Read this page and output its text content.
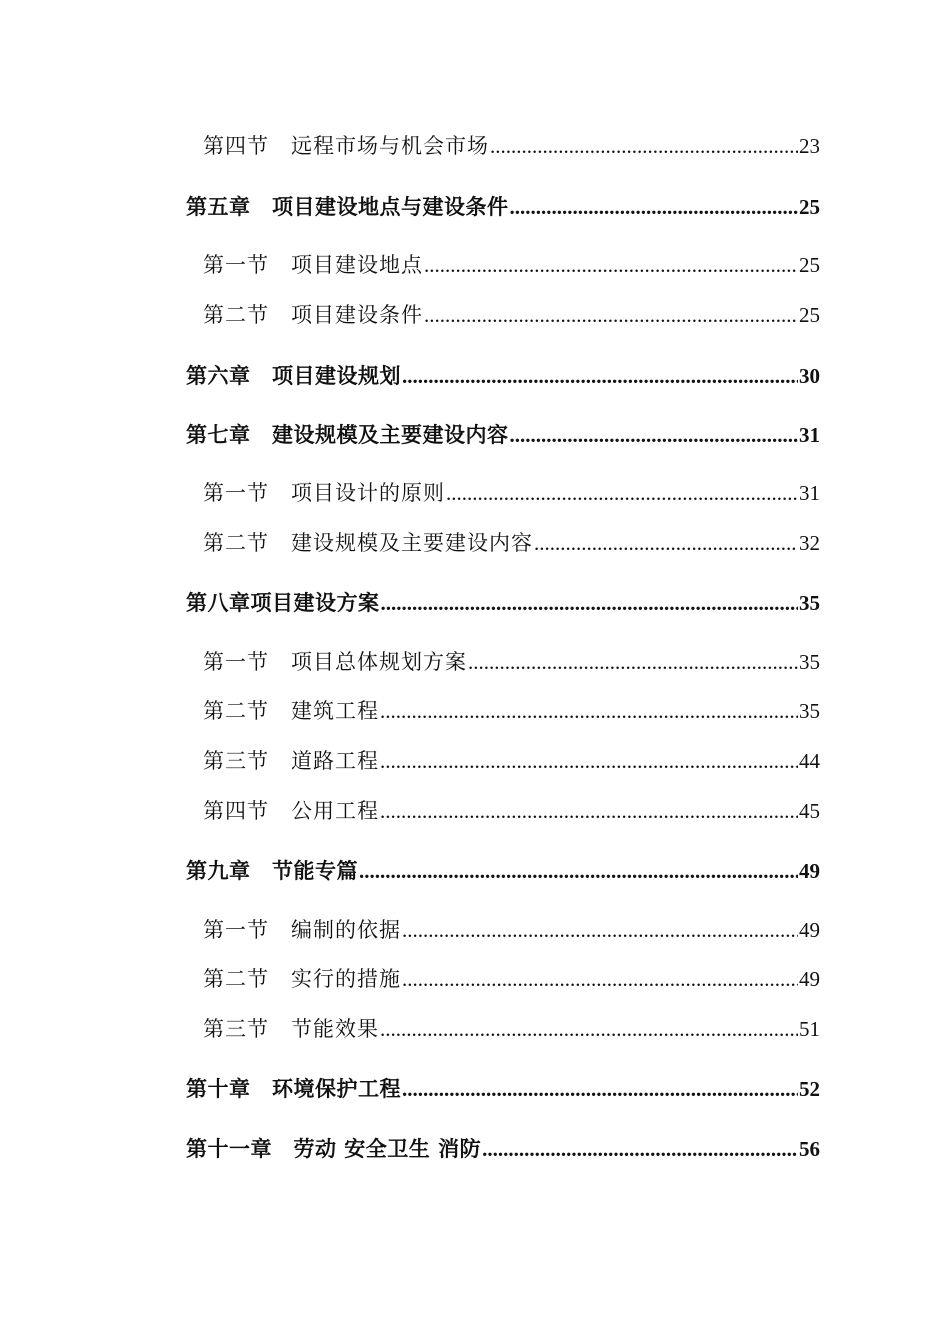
第四节　远程市场与机会市场 .....	23
第五章　项目建设地点与建设条件 .....	25
第一节　项目建设地点 .....	25
第二节　项目建设条件 .....	25
第六章　项目建设规划 .....	30
第七章　建设规模及主要建设内容 .....	31
第一节　项目设计的原则 .....	31
第二节　建设规模及主要建设内容 .....	32
第八章项目建设方案 .....	35
第一节　项目总体规划方案 .....	35
第二节　建筑工程 .....	35
第三节　道路工程 .....	44
第四节　公用工程 .....	45
第九章　节能专篇 .....	49
第一节　编制的依据 .....	49
第二节　实行的措施 .....	49
第三节　节能效果 .....	51
第十章　环境保护工程 .....	52
第十一章　劳动 安全卫生 消防 .....	56
